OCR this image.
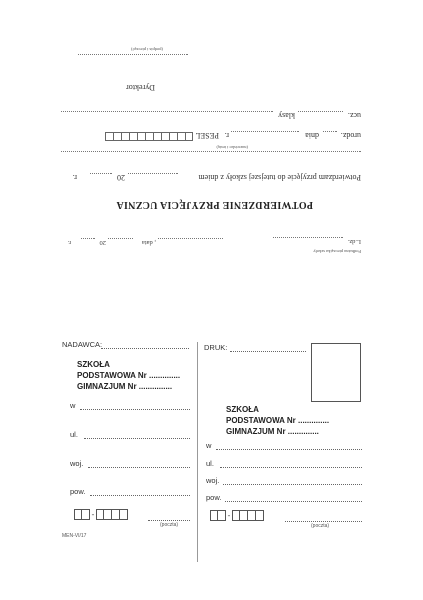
Podłużna pieczątka szkoły
L.dz.
, data
20
r.
POTWIERDZENIE PRZYJĘCIA UCZNIA
Potwierdzam przyjęcie do tutejszej szkoły z dniem
20
r.
(nazwisko i imię)
urodz.
dnia
r.
PESEL
ucz.
klasy
Dyrektor
(podpis i pieczęć)
NADAWCA:
SZKOŁA
PODSTAWOWA Nr ..............
GIMNAZJUM Nr ...............
w
ul.
woj.
pow.
-
(poczta)
MEN-VI/17
DRUK:
SZKOŁA
PODSTAWOWA Nr ..............
GIMNAZJUM Nr ..............
w
ul.
woj.
pow.
-
(poczta)
